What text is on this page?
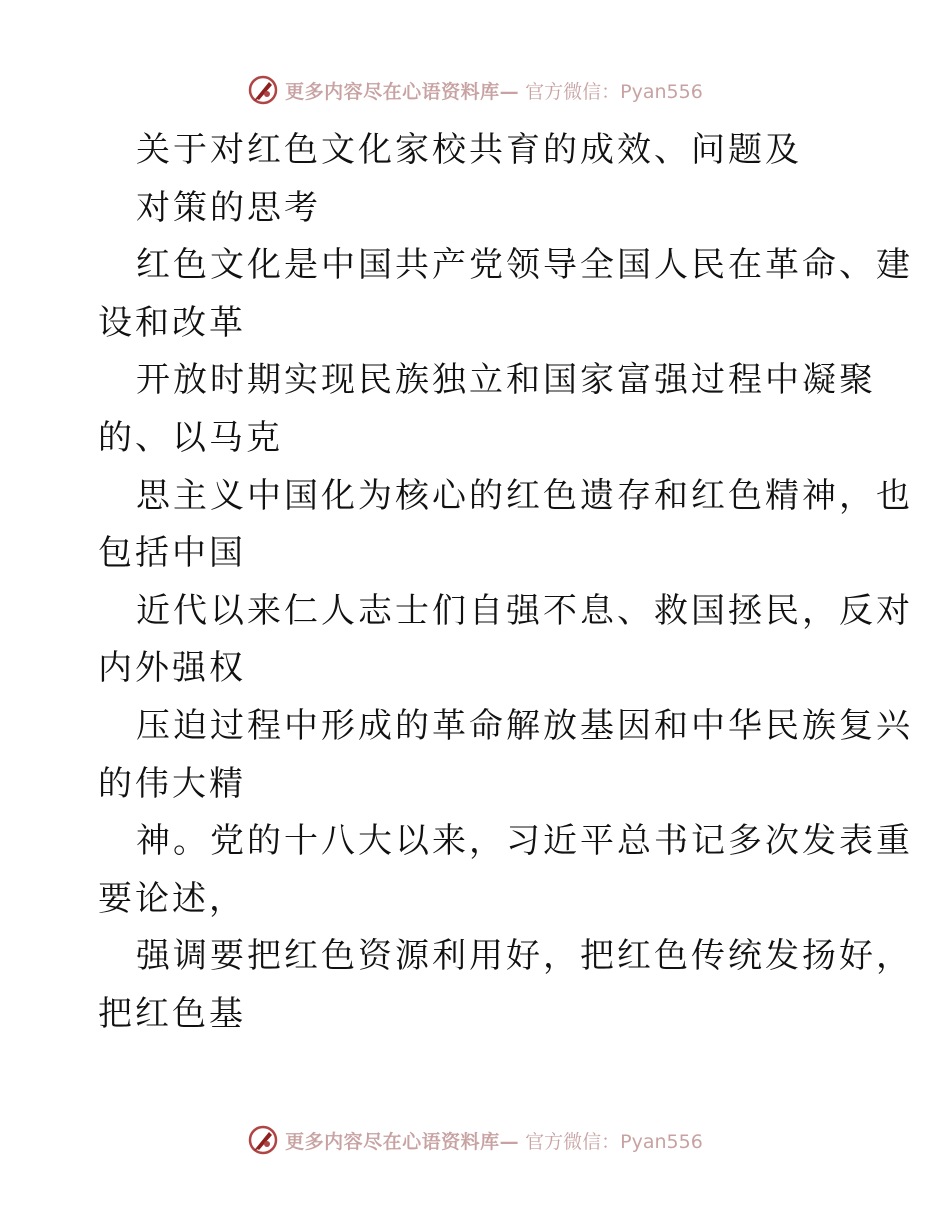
更多内容尽在心语资料库— 官方微信：Pyan556
关于对红色文化家校共育的成效、问题及
对策的思考
红色文化是中国共产党领导全国人民在革命、建
设和改革
开放时期实现民族独立和国家富强过程中凝聚
的、以马克
思主义中国化为核心的红色遗存和红色精神，也
包括中国
近代以来仁人志士们自强不息、救国拯民，反对
内外强权
压迫过程中形成的革命解放基因和中华民族复兴
的伟大精
神。党的十八大以来，习近平总书记多次发表重
要论述，
强调要把红色资源利用好，把红色传统发扬好，
把红色基
更多内容尽在心语资料库— 官方微信：Pyan556
